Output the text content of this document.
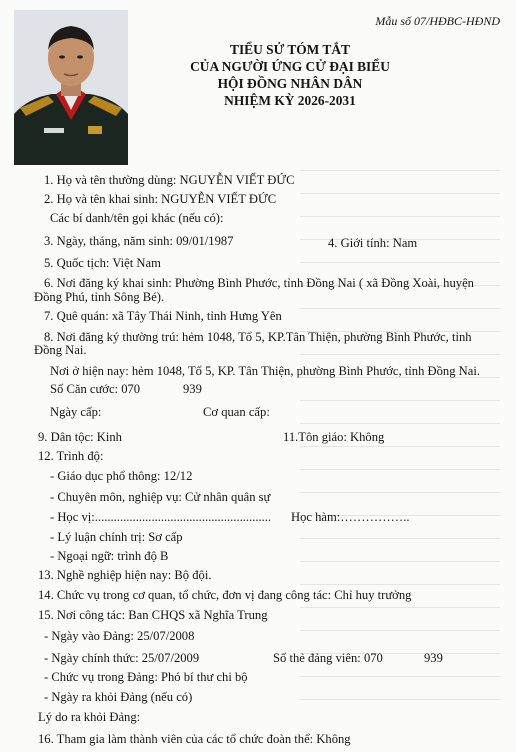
Mẫu số 07/HĐBC-HĐND
TIỂU SỬ TÓM TẮT
CỦA NGƯỜI ỨNG CỬ ĐẠI BIỂU
HỘI ĐỒNG NHÂN DÂN
NHIỆM KỲ 2026-2031
1. Họ và tên thường dùng: NGUYỄN VIẾT ĐỨC
2. Họ và tên khai sinh: NGUYỄN VIẾT ĐỨC
Các bí danh/tên gọi khác (nếu có):
3. Ngày, tháng, năm sinh: 09/01/1987	4. Giới tính: Nam
5. Quốc tịch: Việt Nam
6. Nơi đăng ký khai sinh: Phường Bình Phước, tỉnh Đồng Nai ( xã Đồng Xoài, huyện
Đồng Phú, tỉnh Sông Bé).
7. Quê quán: xã Tây Thái Ninh, tỉnh Hưng Yên
8. Nơi đăng ký thường trú: hẻm 1048, Tổ 5, KP.Tân Thiện, phường Bình Phước, tỉnh
Đồng Nai.
Nơi ở hiện nay: hẻm 1048, Tổ 5, KP. Tân Thiện, phường Bình Phước, tỉnh Đồng Nai.
Số Căn cước: 070	939
Ngày cấp:	Cơ quan cấp:
9. Dân tộc: Kinh	11.Tôn giáo: Không
12. Trình độ:
- Giáo dục phổ thông: 12/12
- Chuyên môn, nghiệp vụ: Cử nhân quân sự
- Học vị:........................................................ Học hàm:……………..
- Lý luận chính trị: Sơ cấp
- Ngoại ngữ: trình độ B
13. Nghề nghiệp hiện nay: Bộ đội.
14. Chức vụ trong cơ quan, tổ chức, đơn vị đang công tác: Chỉ huy trưởng
15. Nơi công tác: Ban CHQS xã Nghĩa Trung
- Ngày vào Đảng: 25/07/2008
- Ngày chính thức: 25/07/2009	Số thẻ đảng viên: 070	939
- Chức vụ trong Đảng: Phó bí thư chi bộ
- Ngày ra khỏi Đảng (nếu có)
Lý do ra khỏi Đảng:
16. Tham gia làm thành viên của các tổ chức đoàn thể: Không
